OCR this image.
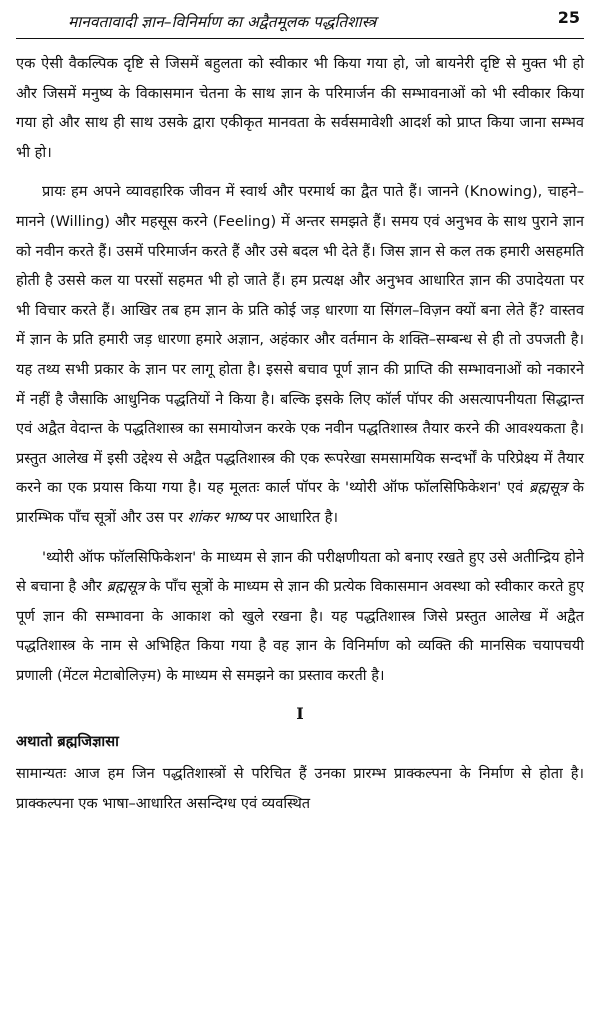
मानवतावादी ज्ञान–विनिर्माण का अद्वैतमूलक पद्धतिशास्त्र	25

एक ऐसी वैकल्पिक दृष्टि से जिसमें बहुलता को स्वीकार भी किया गया हो, जो बायनेरी दृष्टि से मुक्त भी हो और जिसमें मनुष्य के विकासमान चेतना के साथ ज्ञान के परिमार्जन की सम्भावनाओं को भी स्वीकार किया गया हो और साथ ही साथ उसके द्वारा एकीकृत मानवता के सर्वसमावेशी आदर्श को प्राप्त किया जाना सम्भव भी हो।

प्रायः हम अपने व्यावहारिक जीवन में स्वार्थ और परमार्थ का द्वैत पाते हैं। जानने (Knowing), चाहने–मानने (Willing) और महसूस करने (Feeling) में अन्तर समझते हैं। समय एवं अनुभव के साथ पुराने ज्ञान को नवीन करते हैं। उसमें परिमार्जन करते हैं और उसे बदल भी देते हैं। जिस ज्ञान से कल तक हमारी असहमति होती है उससे कल या परसों सहमत भी हो जाते हैं। हम प्रत्यक्ष और अनुभव आधारित ज्ञान की उपादेयता पर भी विचार करते हैं। आखिर तब हम ज्ञान के प्रति कोई जड़ धारणा या सिंगल–विज़न क्यों बना लेते हैं? वास्तव में ज्ञान के प्रति हमारी जड़ धारणा हमारे अज्ञान, अहंकार और वर्तमान के शक्ति–सम्बन्ध से ही तो उपजती है। यह तथ्य सभी प्रकार के ज्ञान पर लागू होता है। इससे बचाव पूर्ण ज्ञान की प्राप्ति की सम्भावनाओं को नकारने में नहीं है जैसाकि आधुनिक पद्धतियों ने किया है। बल्कि इसके लिए कॉर्ल पॉपर की असत्यापनीयता सिद्धान्त एवं अद्वैत वेदान्त के पद्धतिशास्त्र का समायोजन करके एक नवीन पद्धतिशास्त्र तैयार करने की आवश्यकता है। प्रस्तुत आलेख में इसी उद्देश्य से अद्वैत पद्धतिशास्त्र की एक रूपरेखा समसामयिक सन्दर्भों के परिप्रेक्ष्य में तैयार करने का एक प्रयास किया गया है। यह मूलतः कार्ल पॉपर के 'थ्योरी ऑफ फॉलसिफिकेशन' एवं ब्रह्मसूत्र के प्रारम्भिक पाँच सूत्रों और उस पर शांकर भाष्य पर आधारित है।

'थ्योरी ऑफ फॉलसिफिकेशन' के माध्यम से ज्ञान की परीक्षणीयता को बनाए रखते हुए उसे अतीन्द्रिय होने से बचाना है और ब्रह्मसूत्र के पाँच सूत्रों के माध्यम से ज्ञान की प्रत्येक विकासमान अवस्था को स्वीकार करते हुए पूर्ण ज्ञान की सम्भावना के आकाश को खुले रखना है। यह पद्धतिशास्त्र जिसे प्रस्तुत आलेख में अद्वैत पद्धतिशास्त्र के नाम से अभिहित किया गया है वह ज्ञान के विनिर्माण को व्यक्ति की मानसिक चयापचयी प्रणाली (मेंटल मेटाबोलिज़्म) के माध्यम से समझने का प्रस्ताव करती है।

I
अथातो ब्रह्मजिज्ञासा

सामान्यतः आज हम जिन पद्धतिशास्त्रों से परिचित हैं उनका प्रारम्भ प्राक्कल्पना के निर्माण से होता है। प्राक्कल्पना एक भाषा–आधारित असन्दिग्ध एवं व्यवस्थित
